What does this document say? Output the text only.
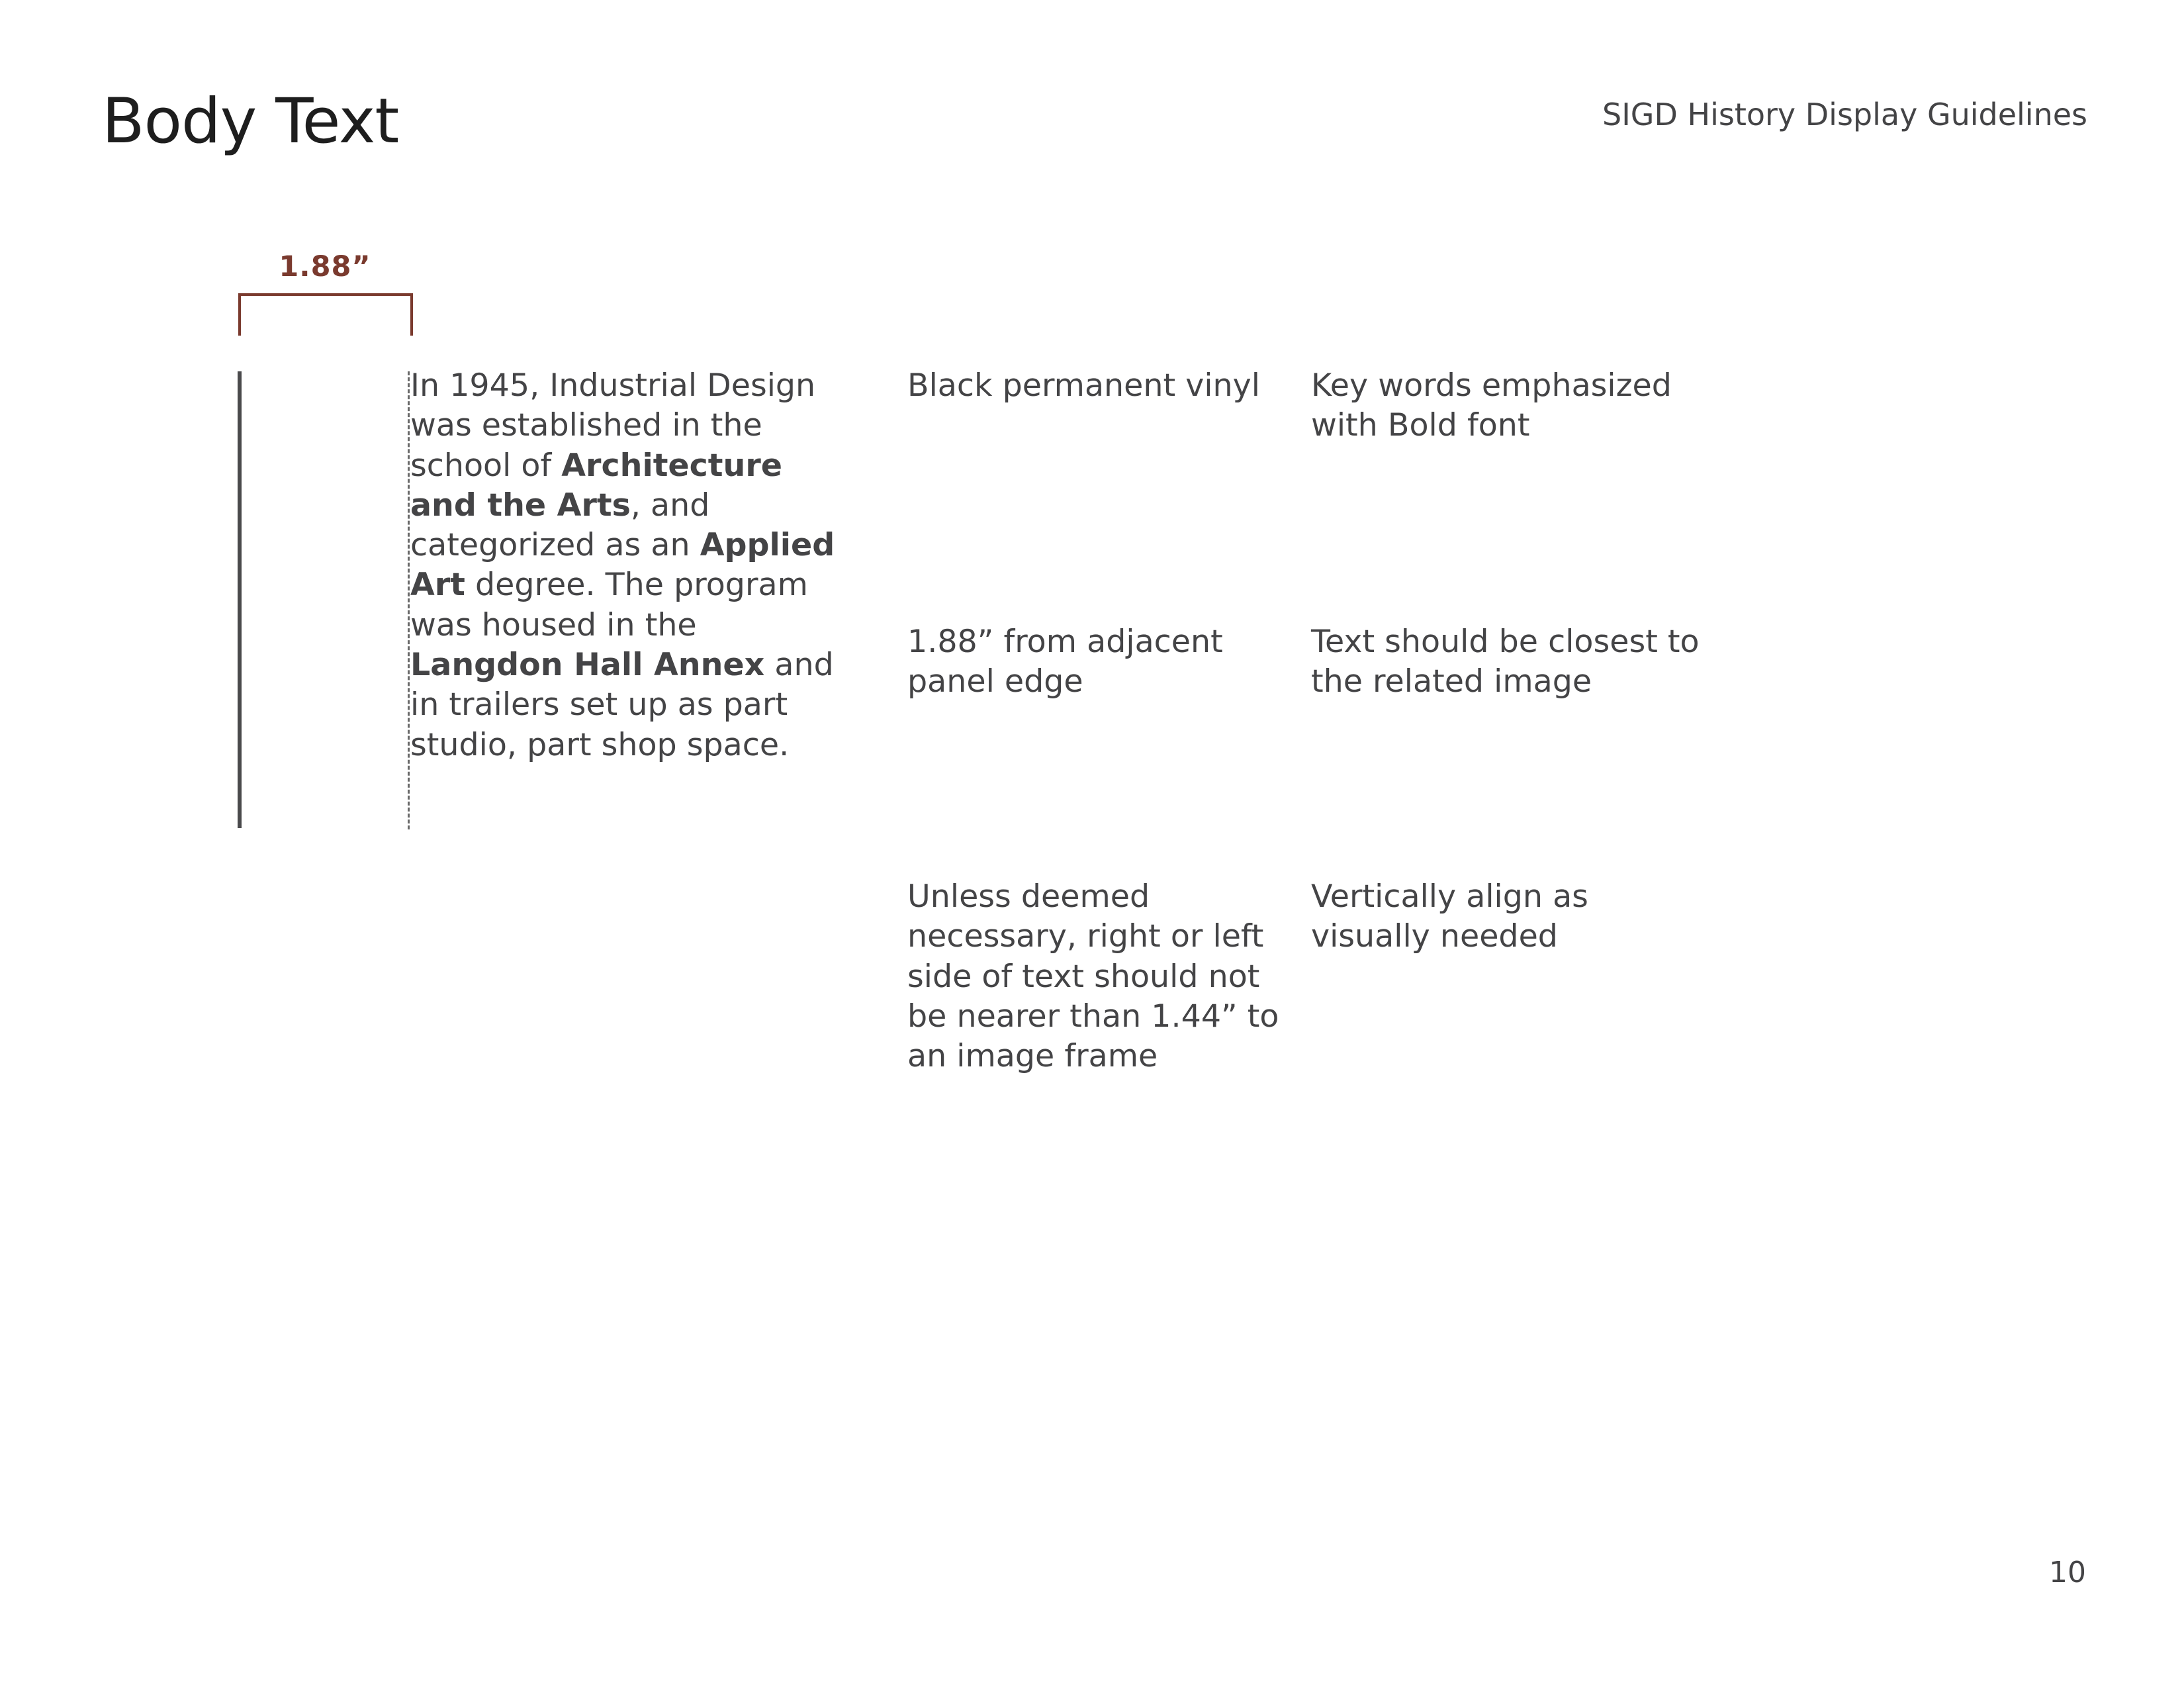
Body Text	SIGD History Display Guidelines
1.88”
In 1945, Industrial Design was established in the school of Architecture and the Arts, and categorized as an Applied Art degree. The program was housed in the Langdon Hall Annex and in trailers set up as part studio, part shop space.
Black permanent vinyl	Key words emphasized with Bold font
1.88” from adjacent panel edge
Text should be closest to the related image
Unless deemed necessary, right or left side of text should not be nearer than 1.44” to an image frame
Vertically align as visually needed
10
